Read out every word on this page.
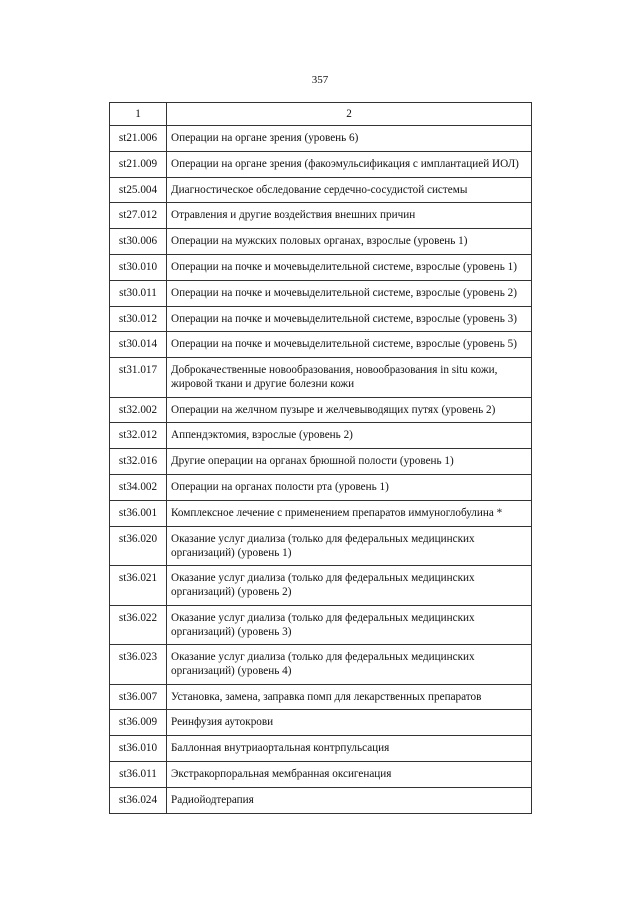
357
1	2
st21.006	Операции на органе зрения (уровень 6)
st21.009	Операции на органе зрения (факоэмульсификация с имплантацией ИОЛ)
st25.004	Диагностическое обследование сердечно-сосудистой системы
st27.012	Отравления и другие воздействия внешних причин
st30.006	Операции на мужских половых органах, взрослые (уровень 1)
st30.010	Операции на почке и мочевыделительной системе, взрослые (уровень 1)
st30.011	Операции на почке и мочевыделительной системе, взрослые (уровень 2)
st30.012	Операции на почке и мочевыделительной системе, взрослые (уровень 3)
st30.014	Операции на почке и мочевыделительной системе, взрослые (уровень 5)
st31.017	Доброкачественные новообразования, новообразования in situ кожи, жировой ткани и другие болезни кожи
st32.002	Операции на желчном пузыре и желчевыводящих путях (уровень 2)
st32.012	Аппендэктомия, взрослые (уровень 2)
st32.016	Другие операции на органах брюшной полости (уровень 1)
st34.002	Операции на органах полости рта (уровень 1)
st36.001	Комплексное лечение с применением препаратов иммуноглобулина *
st36.020	Оказание услуг диализа (только для федеральных медицинских организаций) (уровень 1)
st36.021	Оказание услуг диализа (только для федеральных медицинских организаций) (уровень 2)
st36.022	Оказание услуг диализа (только для федеральных медицинских организаций) (уровень 3)
st36.023	Оказание услуг диализа (только для федеральных медицинских организаций) (уровень 4)
st36.007	Установка, замена, заправка помп для лекарственных препаратов
st36.009	Реинфузия аутокрови
st36.010	Баллонная внутриаортальная контрпульсация
st36.011	Экстракорпоральная мембранная оксигенация
st36.024	Радиойодтерапия
